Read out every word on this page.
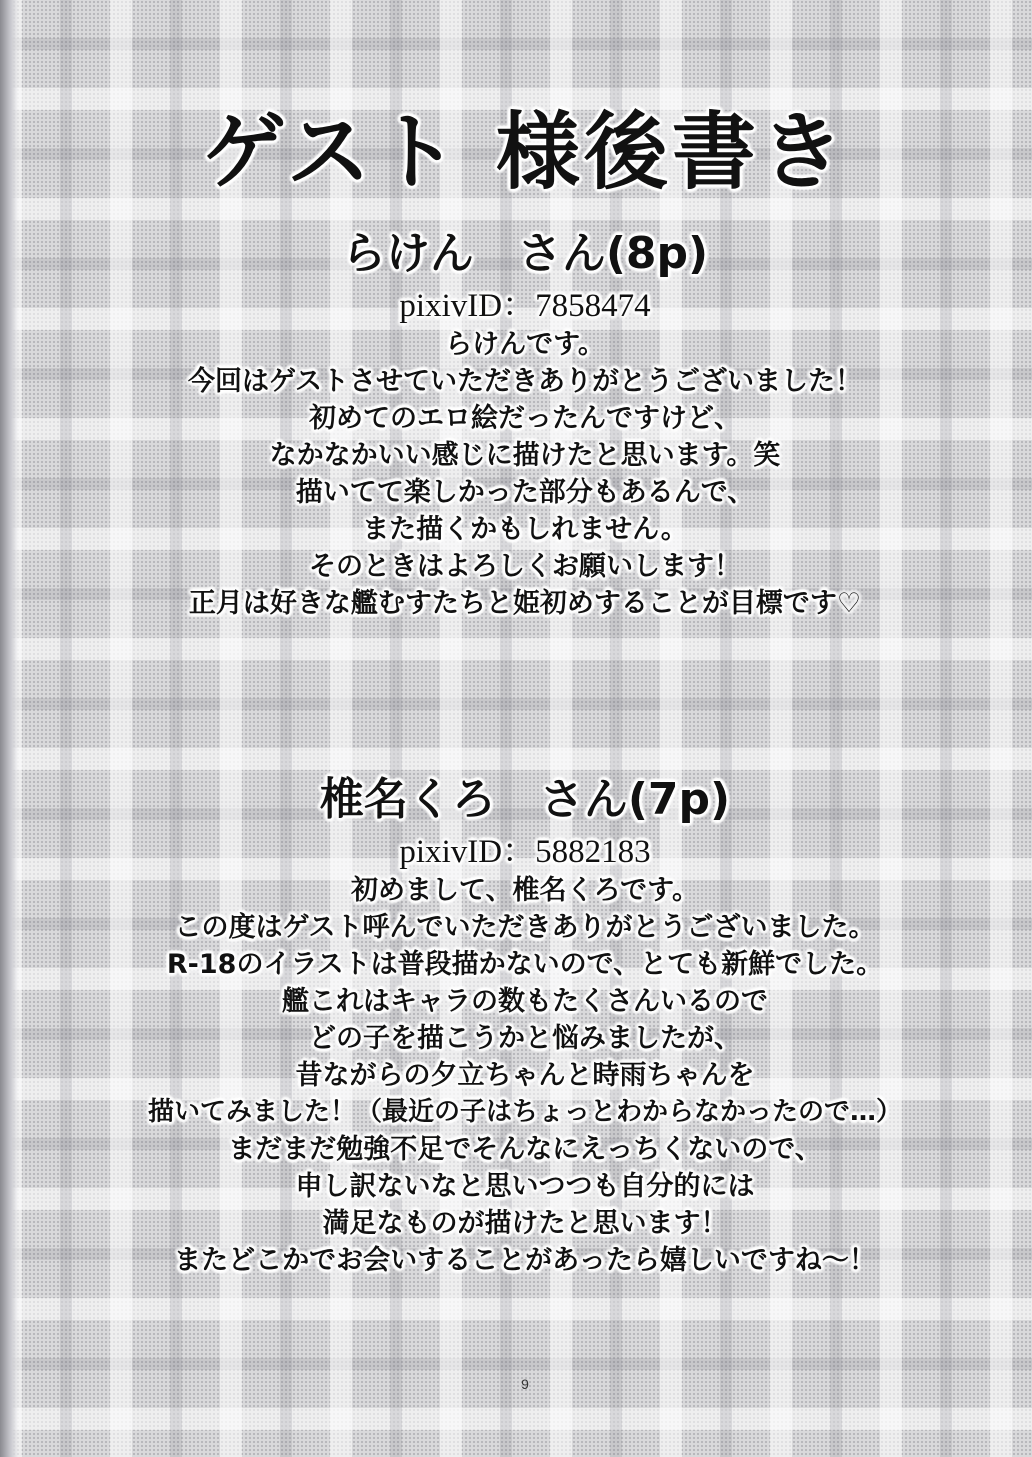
ゲスト 様後書き
らけん　さん(8p)
pixivID：7858474
らけんです。
今回はゲストさせていただきありがとうございました！
初めてのエロ絵だったんですけど、
なかなかいい感じに描けたと思います。笑
描いてて楽しかった部分もあるんで、
また描くかもしれません。
そのときはよろしくお願いします！
正月は好きな艦むすたちと姫初めすることが目標です♡
椎名くろ　さん(7p)
pixivID：5882183
初めまして、椎名くろです。
この度はゲスト呼んでいただきありがとうございました。
R-18のイラストは普段描かないので、とても新鮮でした。
艦これはキャラの数もたくさんいるので
どの子を描こうかと悩みましたが、
昔ながらの夕立ちゃんと時雨ちゃんを
描いてみました！（最近の子はちょっとわからなかったので…）
まだまだ勉強不足でそんなにえっちくないので、
申し訳ないなと思いつつも自分的には
満足なものが描けたと思います！
またどこかでお会いすることがあったら嬉しいですね～！
9
